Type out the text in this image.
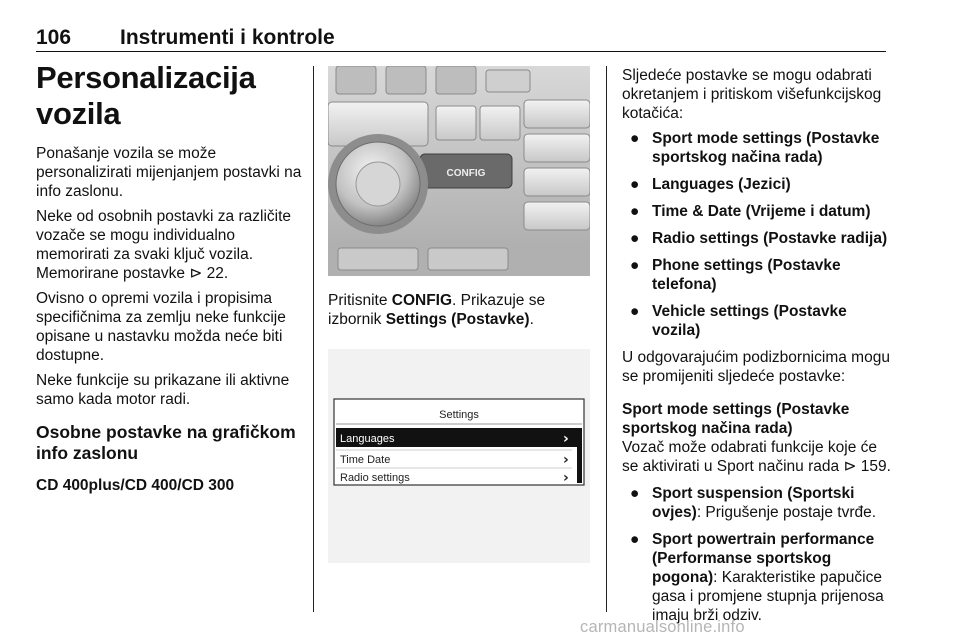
106 Instrumenti i kontrole
Personalizacija vozila

Ponašanje vozila se može personalizirati mijenjanjem postavki na info zaslonu.

Neke od osobnih postavki za različite vozače se mogu individualno memorirati za svaki ključ vozila. Memorirane postavke ⊳ 22.

Ovisno o opremi vozila i propisima specifičnima za zemlju neke funkcije opisane u nastavku možda neće biti dostupne.

Neke funkcije su prikazane ili aktivne samo kada motor radi.

Osobne postavke na grafičkom info zaslonu
CD 400plus/CD 400/CD 300
CONFIG

Pritisnite CONFIG. Prikazuje se izbornik Settings (Postavke).

Settings
Languages	›
Time Date	›
Radio settings	›

Sljedeće postavke se mogu odabrati okretanjem i pritiskom višefunkcijskog kotačića:

● Sport mode settings (Postavke sportskog načina rada)
● Languages (Jezici)
● Time & Date (Vrijeme i datum)
● Radio settings (Postavke radija)
● Phone settings (Postavke telefona)
● Vehicle settings (Postavke vozila)

U odgovarajućim podizbornicima mogu se promijeniti sljedeće postavke:

Sport mode settings (Postavke sportskog načina rada)

Vozač može odabrati funkcije koje će se aktivirati u Sport načinu rada ⊳ 159.

● Sport suspension (Sportski ovjes): Prigušenje postaje tvrđe.
● Sport powertrain performance (Performanse sportskog pogona): Karakteristike papučice gasa i promjene stupnja prijenosa imaju brži odziv.
carmanualsonline.info
